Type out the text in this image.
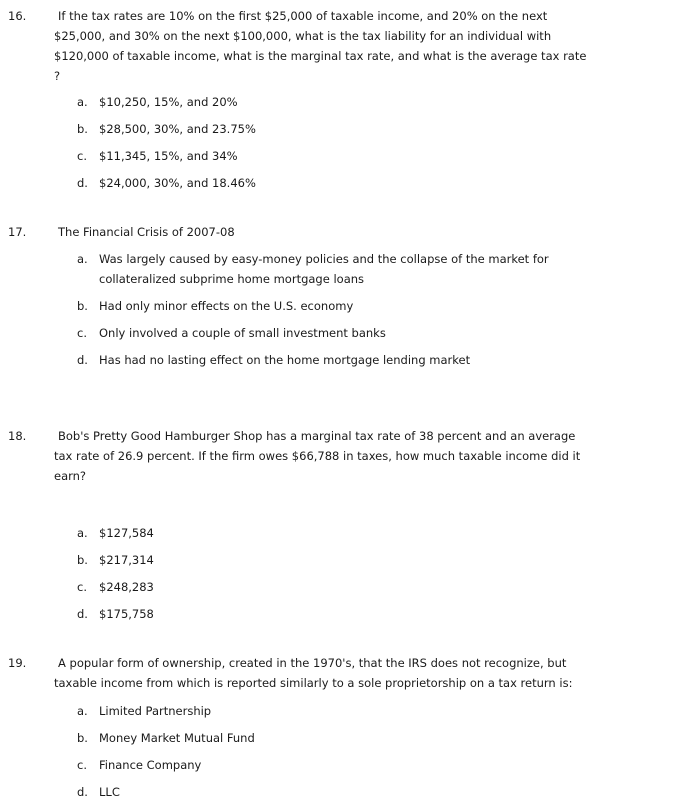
16.	If the tax rates are 10% on the first $25,000 of taxable income, and 20% on the next $25,000, and 30% on the next $100,000, what is the tax liability for an individual with $120,000 of taxable income, what is the marginal tax rate, and what is the average tax rate ?
a. $10,250, 15%, and 20%
b. $28,500, 30%, and 23.75%
c. $11,345, 15%, and 34%
d. $24,000, 30%, and 18.46%
17.	The Financial Crisis of 2007-08
a. Was largely caused by easy-money policies and the collapse of the market for collateralized subprime home mortgage loans
b. Had only minor effects on the U.S. economy
c. Only involved a couple of small investment banks
d. Has had no lasting effect on the home mortgage lending market
18.	Bob's Pretty Good Hamburger Shop has a marginal tax rate of 38 percent and an average tax rate of 26.9 percent. If the firm owes $66,788 in taxes, how much taxable income did it earn?
a. $127,584
b. $217,314
c. $248,283
d. $175,758
19.	A popular form of ownership, created in the 1970's, that the IRS does not recognize, but taxable income from which is reported similarly to a sole proprietorship on a tax return is:
a. Limited Partnership
b. Money Market Mutual Fund
c. Finance Company
d. LLC
